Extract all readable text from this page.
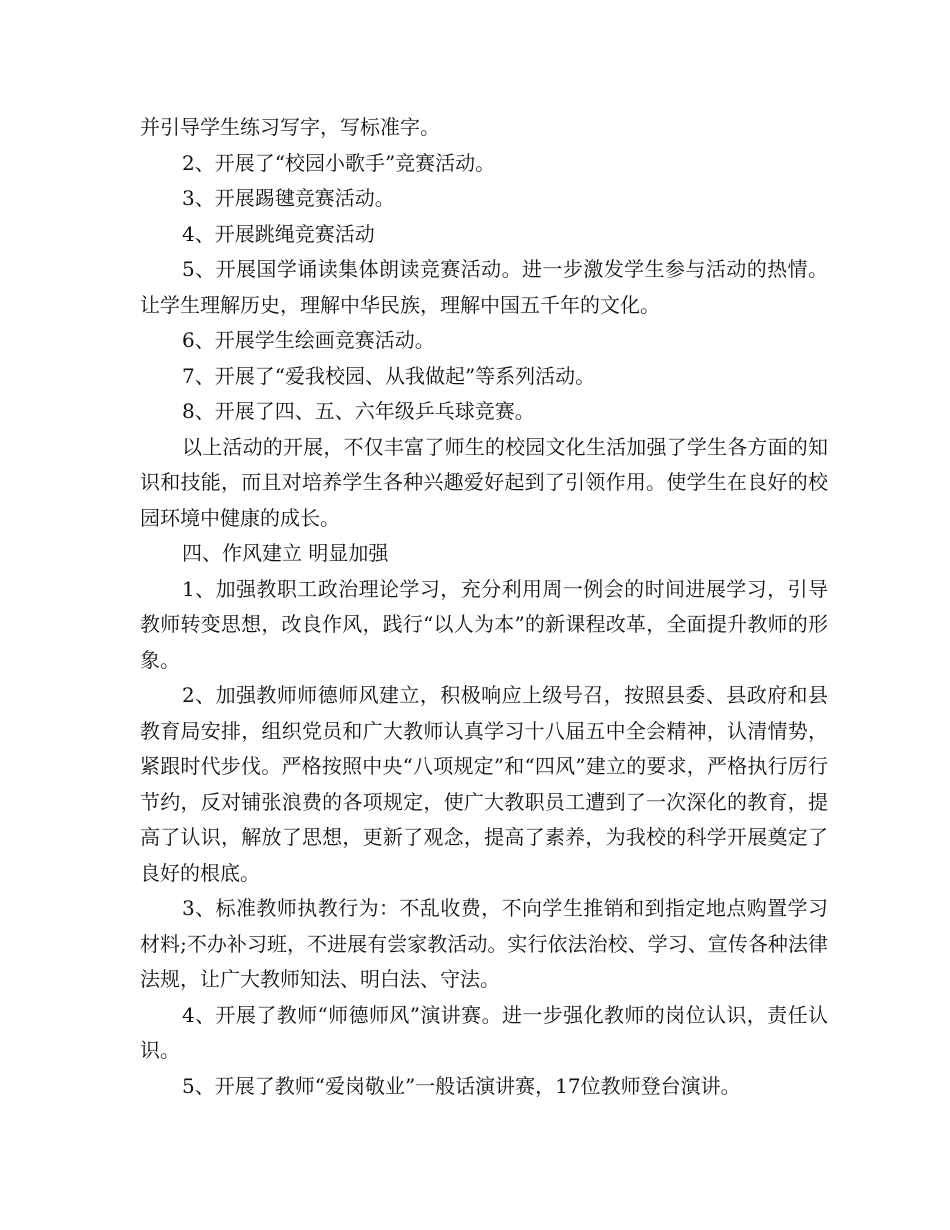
并引导学生练习写字，写标准字。

2、开展了“校园小歌手”竞赛活动。

3、开展踢毽竞赛活动。

4、开展跳绳竞赛活动

5、开展国学诵读集体朗读竞赛活动。进一步激发学生参与活动的热情。让学生理解历史，理解中华民族，理解中国五千年的文化。

6、开展学生绘画竞赛活动。

7、开展了“爱我校园、从我做起”等系列活动。

8、开展了四、五、六年级乒乓球竞赛。

以上活动的开展，不仅丰富了师生的校园文化生活加强了学生各方面的知识和技能，而且对培养学生各种兴趣爱好起到了引领作用。使学生在良好的校园环境中健康的成长。

四、作风建立 明显加强

1、加强教职工政治理论学习，充分利用周一例会的时间进展学习，引导教师转变思想，改良作风，践行“以人为本”的新课程改革，全面提升教师的形象。

2、加强教师师德师风建立，积极响应上级号召，按照县委、县政府和县教育局安排，组织党员和广大教师认真学习十八届五中全会精神，认清情势，紧跟时代步伐。严格按照中央“八项规定”和“四风”建立的要求，严格执行厉行节约，反对铺张浪费的各项规定，使广大教职员工遭到了一次深化的教育，提高了认识，解放了思想，更新了观念，提高了素养，为我校的科学开展奠定了良好的根底。

3、标准教师执教行为：不乱收费，不向学生推销和到指定地点购置学习材料;不办补习班，不进展有尝家教活动。实行依法治校、学习、宣传各种法律法规，让广大教师知法、明白法、守法。

4、开展了教师“师德师风”演讲赛。进一步强化教师的岗位认识，责任认识。

5、开展了教师“爱岗敬业”一般话演讲赛，17位教师登台演讲。
